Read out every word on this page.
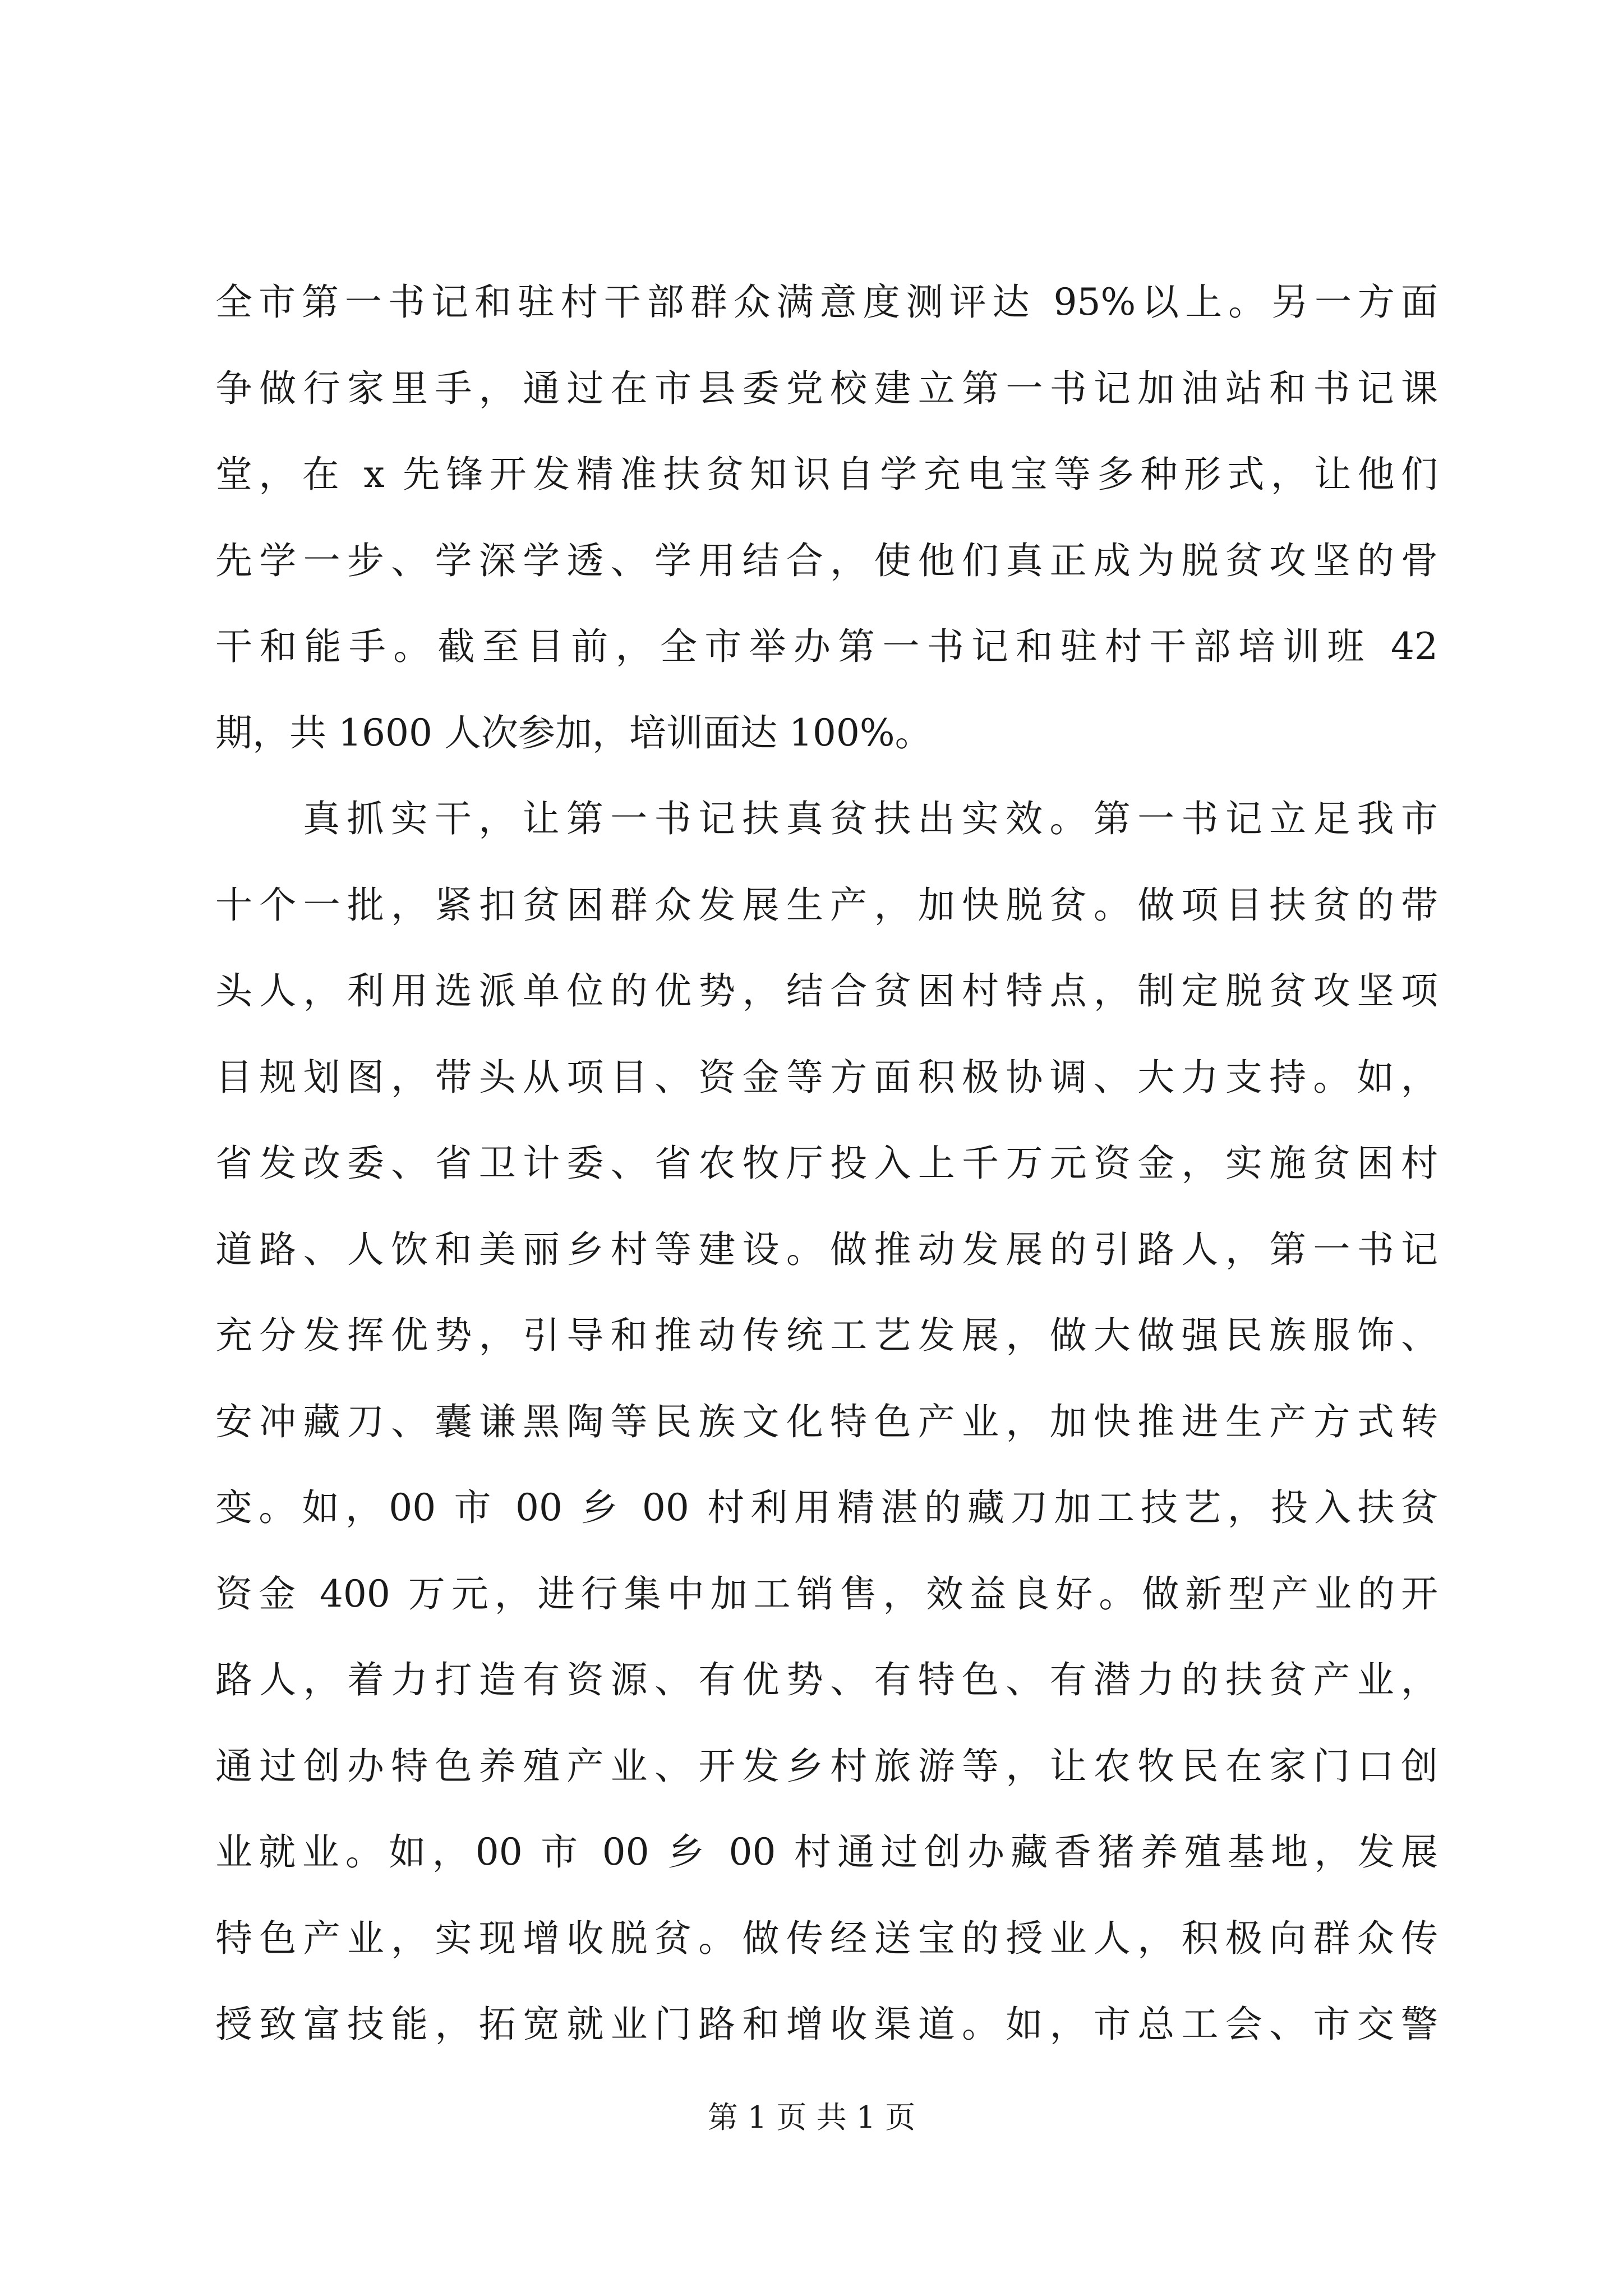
全市第一书记和驻村干部群众满意度测评达 95%以上。另一方面
争做行家里手，通过在市县委党校建立第一书记加油站和书记课
堂，在 x 先锋开发精准扶贫知识自学充电宝等多种形式，让他们
先学一步、学深学透、学用结合，使他们真正成为脱贫攻坚的骨
干和能手。截至目前，全市举办第一书记和驻村干部培训班 42
期，共 1600 人次参加，培训面达 100%。
真抓实干，让第一书记扶真贫扶出实效。第一书记立足我市
十个一批，紧扣贫困群众发展生产，加快脱贫。做项目扶贫的带
头人，利用选派单位的优势，结合贫困村特点，制定脱贫攻坚项
目规划图，带头从项目、资金等方面积极协调、大力支持。如，
省发改委、省卫计委、省农牧厅投入上千万元资金，实施贫困村
道路、人饮和美丽乡村等建设。做推动发展的引路人，第一书记
充分发挥优势，引导和推动传统工艺发展，做大做强民族服饰、
安冲藏刀、囊谦黑陶等民族文化特色产业，加快推进生产方式转
变。如，00 市 00 乡 00 村利用精湛的藏刀加工技艺，投入扶贫
资金 400 万元，进行集中加工销售，效益良好。做新型产业的开
路人，着力打造有资源、有优势、有特色、有潜力的扶贫产业，
通过创办特色养殖产业、开发乡村旅游等，让农牧民在家门口创
业就业。如，00 市 00 乡 00 村通过创办藏香猪养殖基地，发展
特色产业，实现增收脱贫。做传经送宝的授业人，积极向群众传
授致富技能，拓宽就业门路和增收渠道。如，市总工会、市交警
第 1 页 共 1 页
